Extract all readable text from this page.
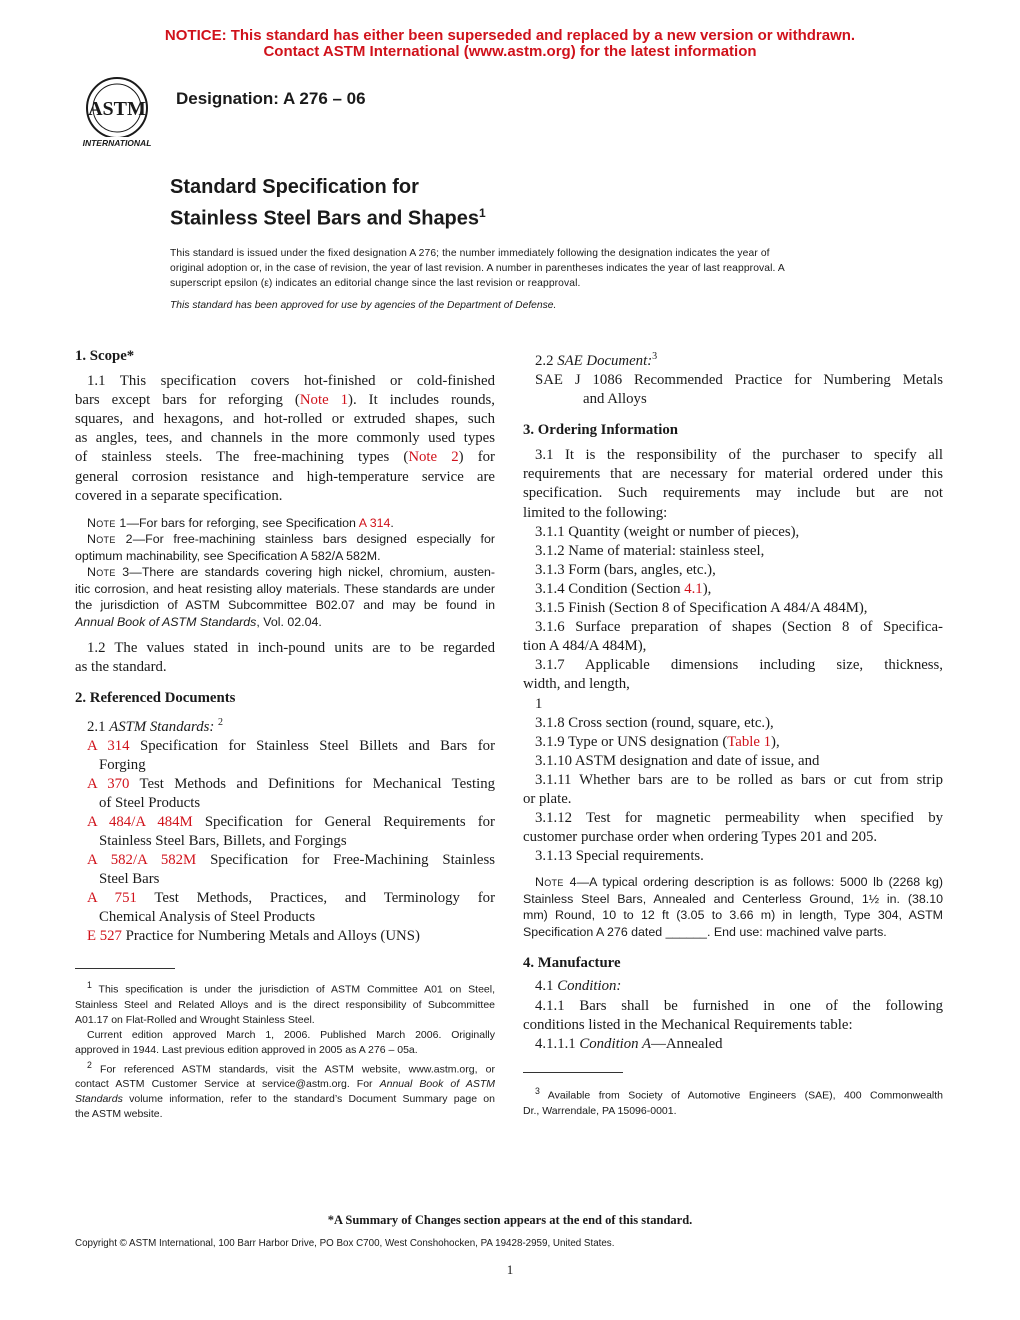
NOTICE: This standard has either been superseded and replaced by a new version or withdrawn.
Contact ASTM International (www.astm.org) for the latest information
ASTM
INTERNATIONAL
Designation: A 276 – 06
Standard Specification for
Stainless Steel Bars and Shapes$^1$
This standard is issued under the fixed designation A 276; the number immediately following the designation indicates the year of
original adoption or, in the case of revision, the year of last revision. A number in parentheses indicates the year of last reapproval. A
superscript epsilon (ε) indicates an editorial change since the last revision or reapproval.
This standard has been approved for use by agencies of the Department of Defense.
1. Scope*
1.1 This specification covers hot-finished or cold-finished
bars except bars for reforging (Note 1). It includes rounds,
squares, and hexagons, and hot-rolled or extruded shapes, such
as angles, tees, and channels in the more commonly used types
of stainless steels. The free-machining types (Note 2) for
general corrosion resistance and high-temperature service are
covered in a separate specification.
Note 1—For bars for reforging, see Specification A 314.
Note 2—For free-machining stainless bars designed especially for
optimum machinability, see Specification A 582/A 582M.
Note 3—There are standards covering high nickel, chromium, austen-
itic corrosion, and heat resisting alloy materials. These standards are under
the jurisdiction of ASTM Subcommittee B02.07 and may be found in
Annual Book of ASTM Standards, Vol. 02.04.
1.2 The values stated in inch-pound units are to be regarded
as the standard.
2. Referenced Documents
2.1 ASTM Standards: $^2$
A 314 Specification for Stainless Steel Billets and Bars for
Forging
A 370 Test Methods and Definitions for Mechanical Testing
of Steel Products
A 484/A 484M Specification for General Requirements for
Stainless Steel Bars, Billets, and Forgings
A 582/A 582M Specification for Free-Machining Stainless
Steel Bars
A 751 Test Methods, Practices, and Terminology for
Chemical Analysis of Steel Products
E 527 Practice for Numbering Metals and Alloys (UNS)
$^1$ This specification is under the jurisdiction of ASTM Committee A01 on Steel,
Stainless Steel and Related Alloys and is the direct responsibility of Subcommittee
A01.17 on Flat-Rolled and Wrought Stainless Steel.
Current edition approved March 1, 2006. Published March 2006. Originally
approved in 1944. Last previous edition approved in 2005 as A 276 – 05a.
$^2$ For referenced ASTM standards, visit the ASTM website, www.astm.org, or
contact ASTM Customer Service at service@astm.org. For Annual Book of ASTM
Standards volume information, refer to the standard’s Document Summary page on
the ASTM website.
2.2 SAE Document:$^3$
SAE J 1086 Recommended Practice for Numbering Metals
and Alloys
3. Ordering Information
3.1 It is the responsibility of the purchaser to specify all
requirements that are necessary for material ordered under this
specification. Such requirements may include but are not
limited to the following:
3.1.1 Quantity (weight or number of pieces),
3.1.2 Name of material: stainless steel,
3.1.3 Form (bars, angles, etc.),
3.1.4 Condition (Section 4.1),
3.1.5 Finish (Section 8 of Specification A 484/A 484M),
3.1.6 Surface preparation of shapes (Section 8 of Specifica-
tion A 484/A 484M),
3.1.7 Applicable dimensions including size, thickness,
width, and length,
1
3.1.8 Cross section (round, square, etc.),
3.1.9 Type or UNS designation (Table 1),
3.1.10 ASTM designation and date of issue, and
3.1.11 Whether bars are to be rolled as bars or cut from strip
or plate.
3.1.12 Test for magnetic permeability when specified by
customer purchase order when ordering Types 201 and 205.
3.1.13 Special requirements.
Note 4—A typical ordering description is as follows: 5000 lb (2268 kg)
Stainless Steel Bars, Annealed and Centerless Ground, 1½ in. (38.10
mm) Round, 10 to 12 ft (3.05 to 3.66 m) in length, Type 304, ASTM
Specification A 276 dated ______. End use: machined valve parts.
4. Manufacture
4.1 Condition:
4.1.1 Bars shall be furnished in one of the following
conditions listed in the Mechanical Requirements table:
4.1.1.1 Condition A—Annealed
$^3$ Available from Society of Automotive Engineers (SAE), 400 Commonwealth
Dr., Warrendale, PA 15096-0001.
*A Summary of Changes section appears at the end of this standard.
Copyright © ASTM International, 100 Barr Harbor Drive, PO Box C700, West Conshohocken, PA 19428-2959, United States.
1
